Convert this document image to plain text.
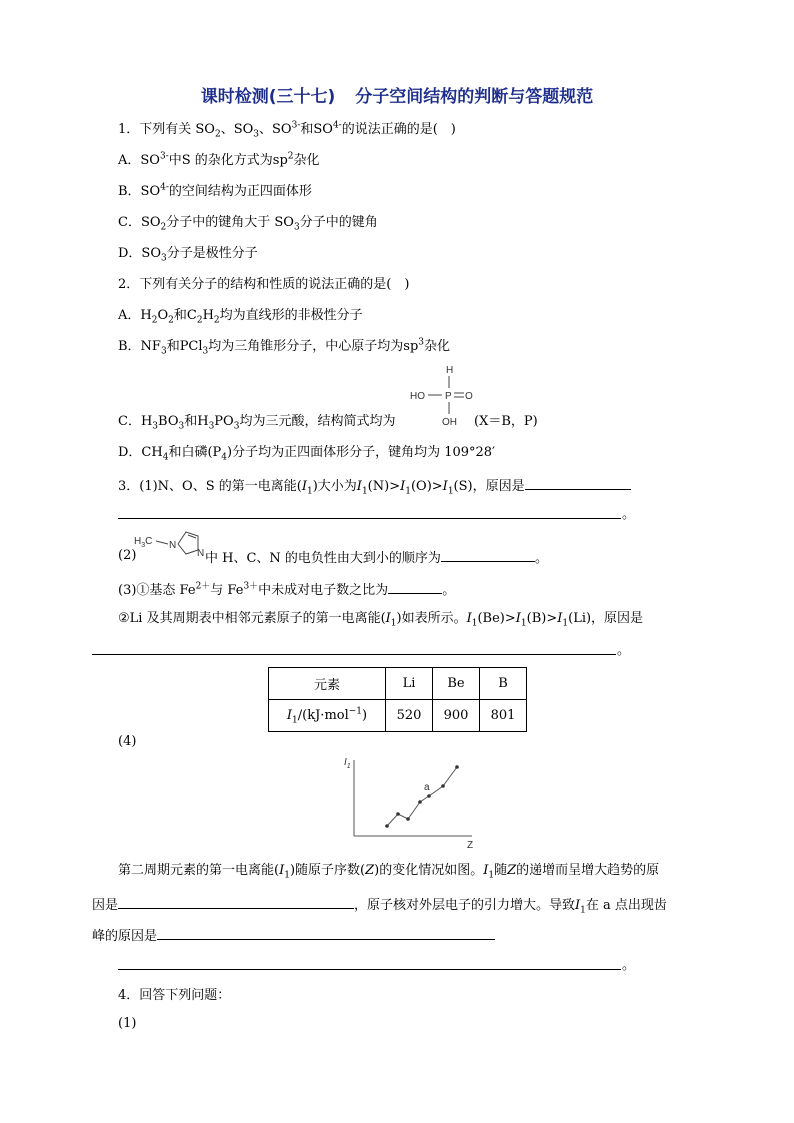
课时检测(三十七) 分子空间结构的判断与答题规范
1．下列有关 $SO_2$、$SO_3$、$SO^{3-}$和$SO^{4-}$的说法正确的是(　)
A．$SO^{3-}$中S 的杂化方式为$sp^2$杂化
B．$SO^{4-}$的空间结构为正四面体形
C．$SO_2$分子中的键角大于 $SO_3$分子中的键角
D．$SO_3$分子是极性分子
2．下列有关分子的结构和性质的说法正确的是(　)
A．$H_2O_2$和$C_2H_2$均为直线形的非极性分子
B．$NF_3$和PCl$_3$均为三角锥形分子，中心原子均为$sp^3$杂化
H
HO P O
OH
C．$H_3BO_3$和$H_3PO_3$均为三元酸，结构简式均为	(X＝B，P)
D．$CH_4$和白磷$(P_4)$分子均为正四面体形分子，键角均为 109°28′
3．(1)N、O、S 的第一电离能$(I_1)$大小为$I_1(N)>I_1(O)>I_1(S)$，原因是
。
(2)
$H_3C$ N
N 中 H、C、N 的电负性由大到小的顺序为	。
(3)①基态 $Fe^{2+}$与 $Fe^{3+}$中未成对电子数之比为	。
②Li 及其周期表中相邻元素原子的第一电离能$(I_1)$如表所示。$I_1(Be)>I_1(B)>I_1(Li)$，原因是
。
元素	Li	Be	B
$I_1/(kJ\cdot mol^{-1})$	520	900	801
(4)
$I_1$
a
Z
第二周期元素的第一电离能$(I_1)$随原子序数(Z)的变化情况如图。$I_1$随Z的递增而呈增大趋势的原
因是	，原子核对外层电子的引力增大。导致$I_1$在 a 点出现齿
峰的原因是
。
4．回答下列问题：
(1)
